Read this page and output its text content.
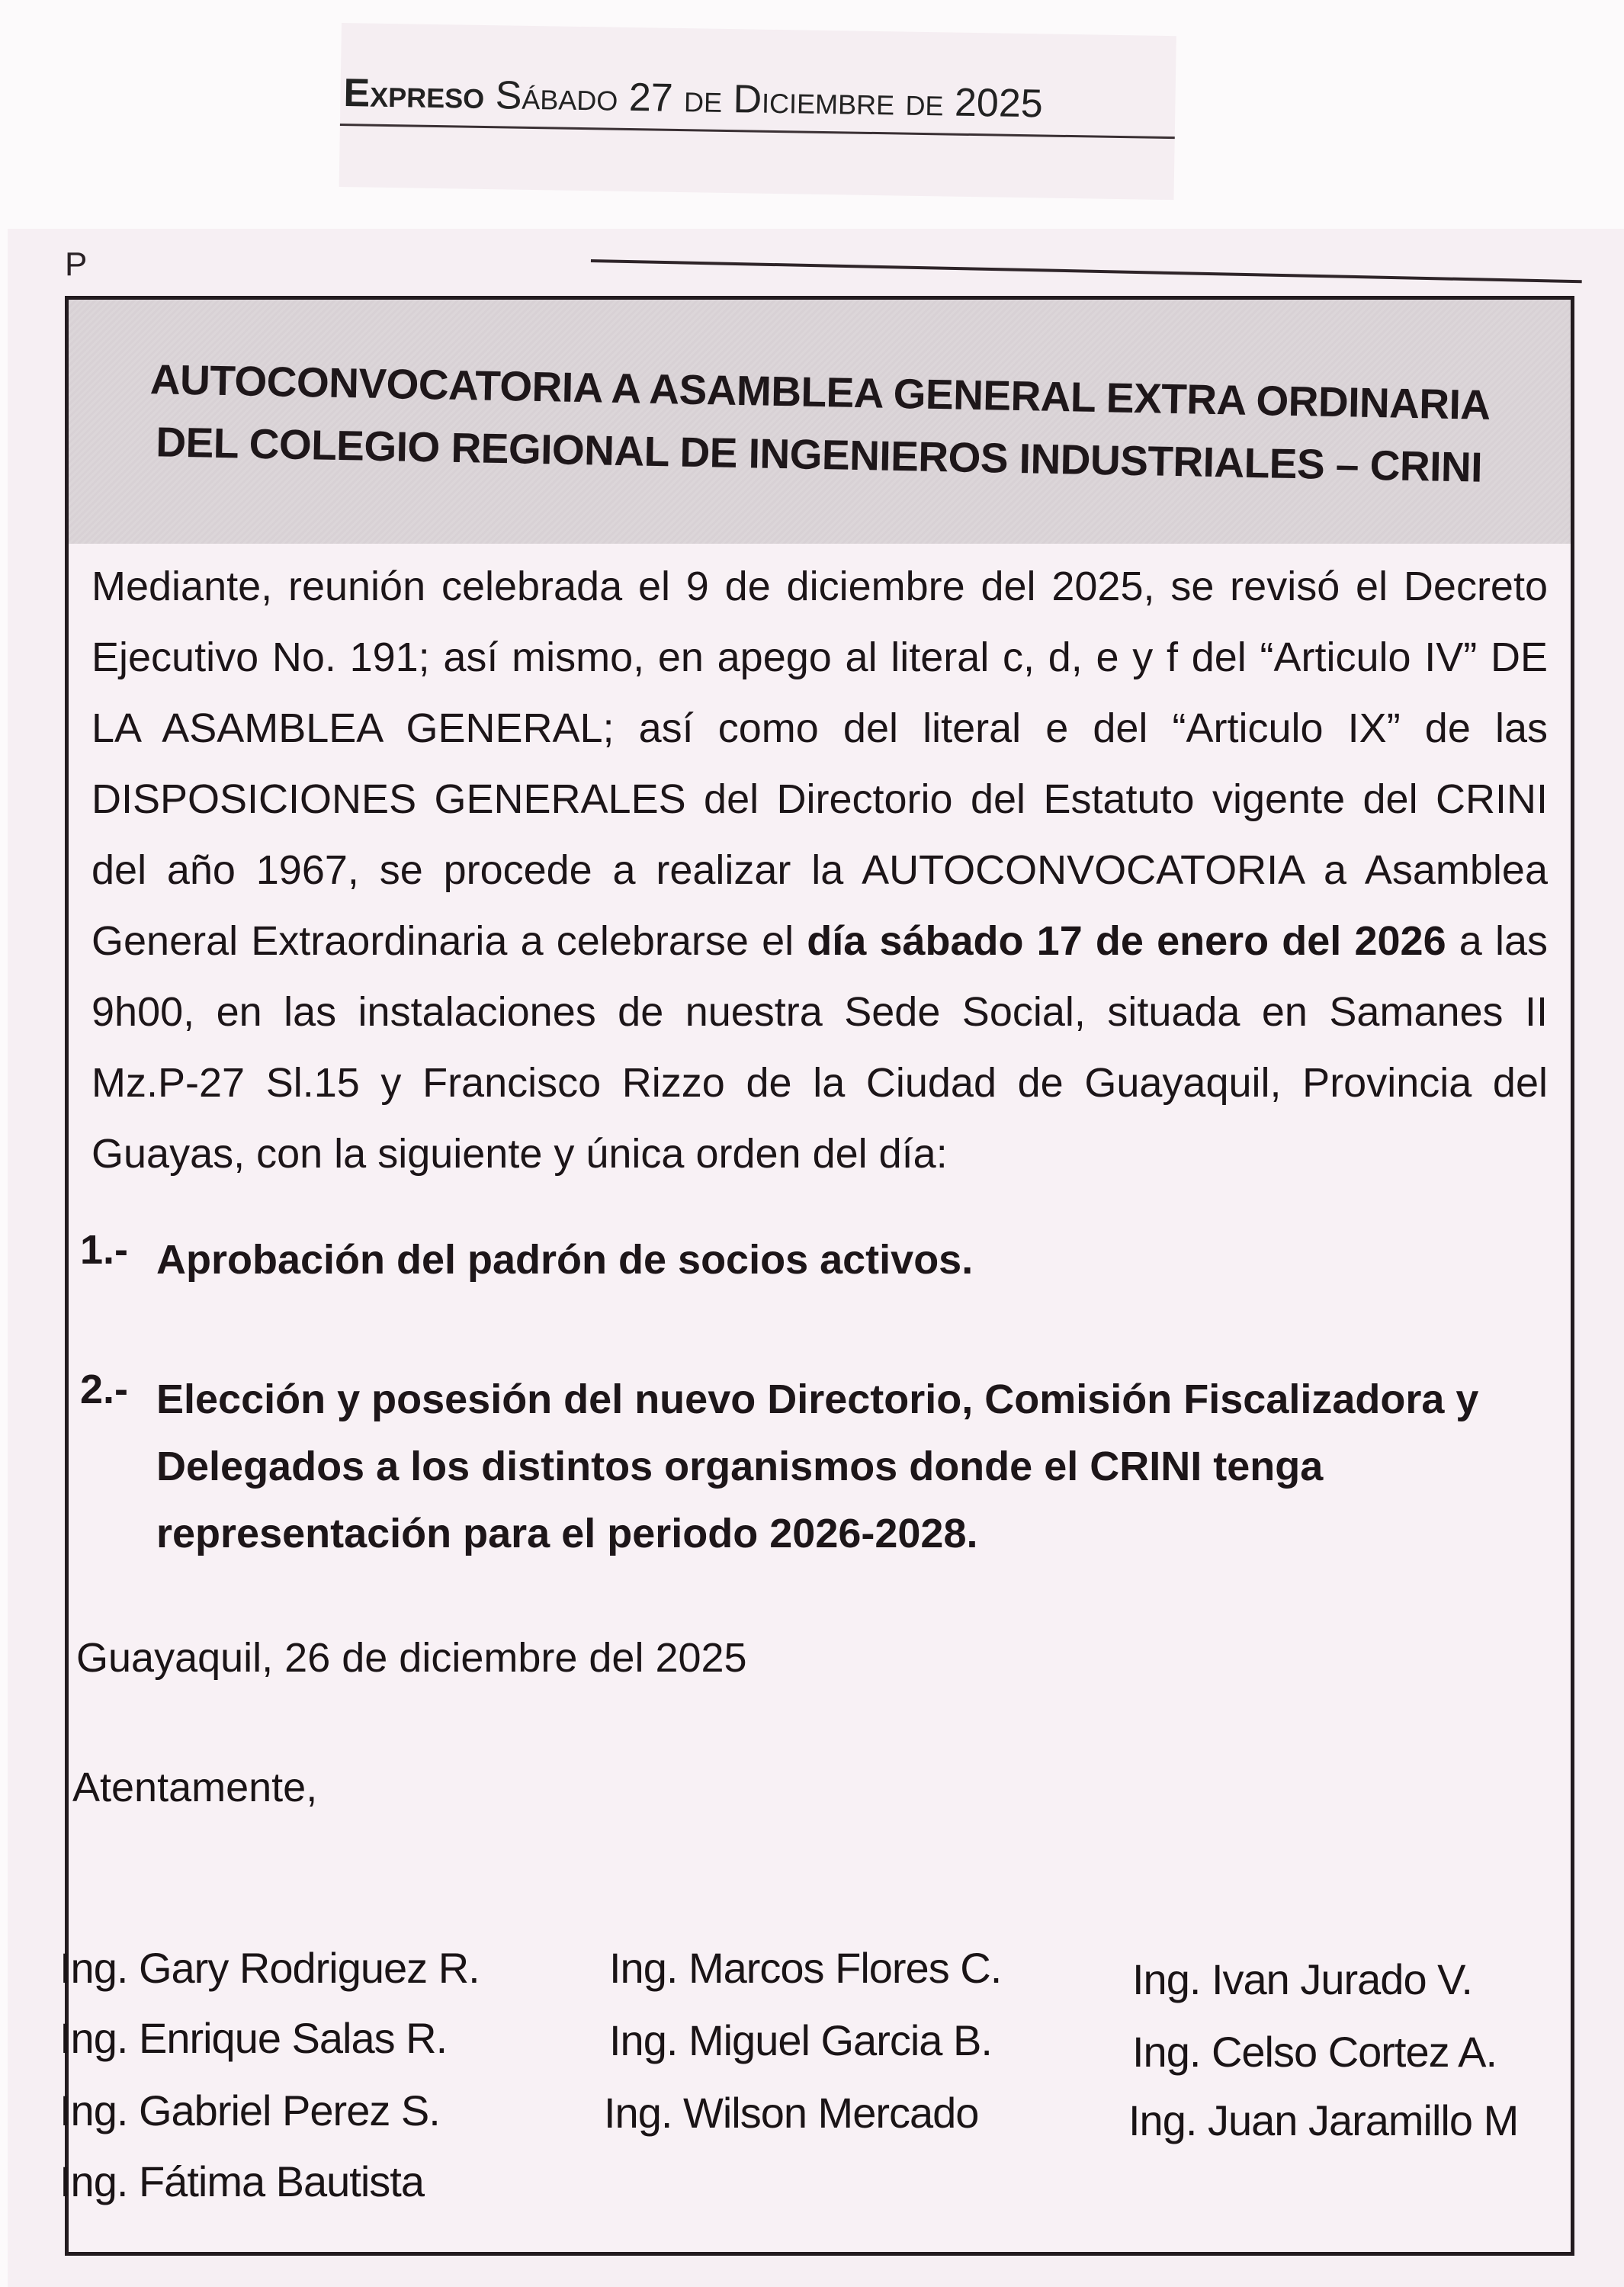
Expreso Sábado 27 de Diciembre de 2025
P
AUTOCONVOCATORIA A ASAMBLEA GENERAL EXTRA ORDINARIA
DEL COLEGIO REGIONAL DE INGENIEROS INDUSTRIALES – CRINI
Mediante, reunión celebrada el 9 de diciembre del 2025, se revisó el Decreto Ejecutivo No. 191; así mismo, en apego al literal c, d, e y f del “Articulo IV” DE LA ASAMBLEA GENERAL; así como del literal e del “Articulo IX” de las DISPOSICIONES GENERALES del Directorio del Estatuto vigente del CRINI del año 1967, se procede a realizar la AUTOCONVOCATORIA a Asamblea General Extraordinaria a celebrarse el día sábado 17 de enero del 2026 a las 9h00, en las instalaciones de nuestra Sede Social, situada en Samanes II Mz.P-27 Sl.15 y Francisco Rizzo de la Ciudad de Guayaquil, Provincia del Guayas, con la siguiente y única orden del día:
1.- Aprobación del padrón de socios activos.
2.- Elección y posesión del nuevo Directorio, Comisión Fiscalizadora y Delegados a los distintos organismos donde el CRINI tenga representación para el periodo 2026-2028.
Guayaquil, 26 de diciembre del 2025
Atentamente,
Ing. Gary Rodriguez R.	Ing. Marcos Flores C.	Ing. Ivan Jurado V.
Ing. Enrique Salas R.	Ing. Miguel Garcia B.	Ing. Celso Cortez A.
Ing. Gabriel Perez S.	Ing. Wilson Mercado	Ing. Juan Jaramillo M
Ing. Fátima Bautista
